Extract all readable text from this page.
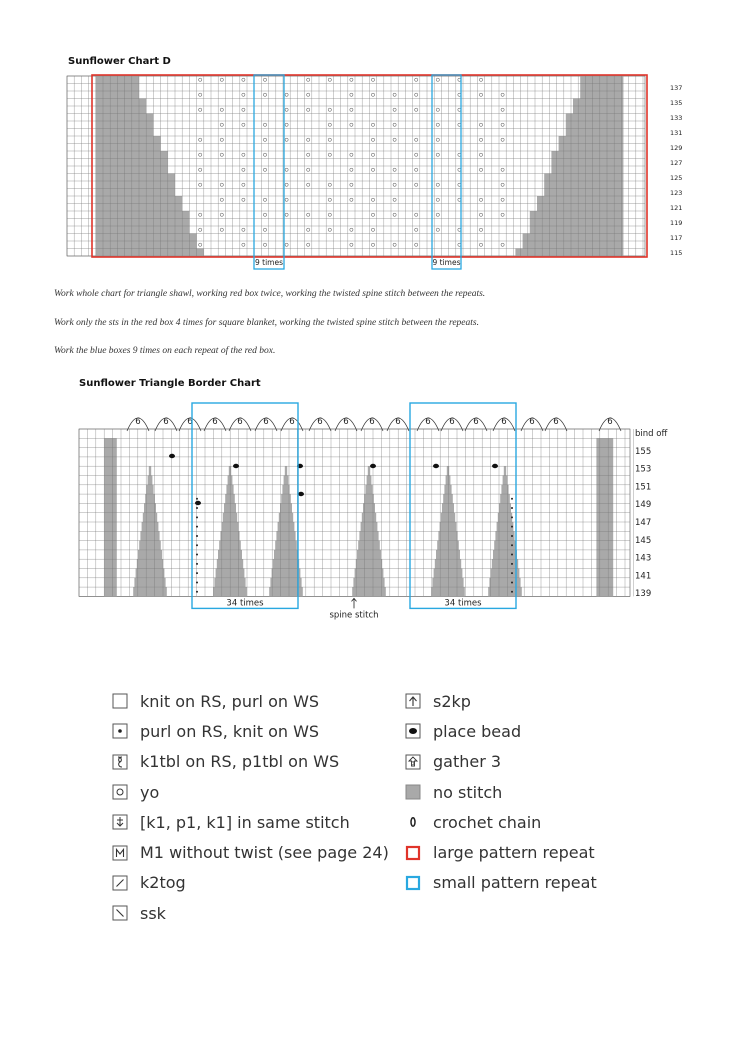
Sunflower Chart D
9 times	9 times
137
135
133
131
129
127
125
123
121
119
117
115
Work whole chart for triangle shawl, working red box twice, working the twisted spine stitch between the repeats.
Work only the sts in the red box 4 times for square blanket, working the twisted spine stitch between the repeats.
Work the blue boxes 9 times on each repeat of the red box.
Sunflower Triangle Border Chart
6	6 6 6 6 6 6	6 6 6 6	6 6 6	6	6 6	6
34 times	34 times
spine stitch
bind off
155
153
151
149
147
145
143
141
139
knit on RS, purl on WS
purl on RS, knit on WS
k1tbl on RS, p1tbl on WS
yo
[k1, p1, k1] in same stitch
M1 without twist (see page 24)
k2tog
ssk
s2kp
place bead
3 gather 3
no stitch
crochet chain
large pattern repeat
small pattern repeat
